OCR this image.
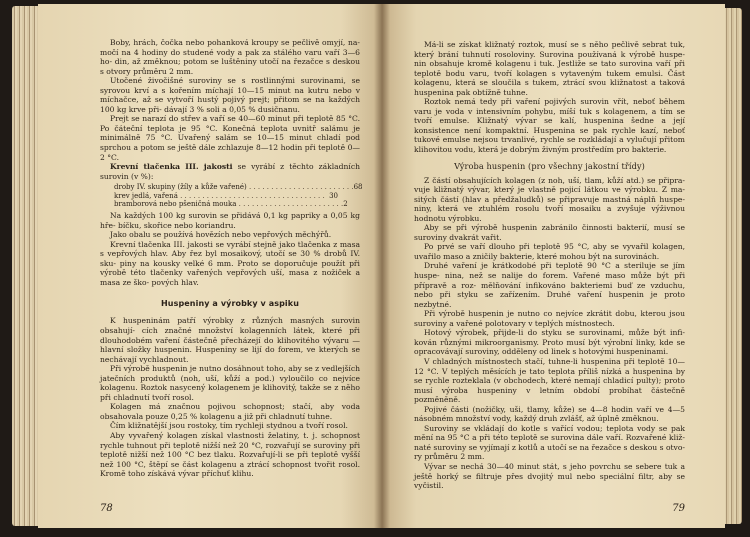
Boby, hrách, čočka nebo pohanková kroupy se pečlivě omyjí, na- močí na 4 hodiny do studené vody a pak za stálého varu vaří 3—6 ho- din, až změknou; potom se luštěniny utočí na řezačce s deskou s otvory průměru 2 mm.

Utočené živočišné suroviny se s rostlinnými surovinami, se syrovou krví a s kořením míchají 10—15 minut na kutru nebo v míchačce, až se vytvoří hustý pojivý prejt; přitom se na každých 100 kg krve při- dávají 3 % soli a 0,05 % dusičnanu.

Prejt se narazí do střev a vaří se 40—60 minut při teplotě 85 °C. Po čáteční teplota je 95 °C. Konečná teplota uvnitř salámu je minimálně 75 °C. Uvařený salám se 10—15 minut chladí pod sprchou a potom se ještě dále zchlazuje 8—12 hodin při teplotě 0—2 °C.

Krevní tlačenka III. jakosti se vyrábí z těchto základních surovin (v %):

droby IV. skupiny (žíly a kůže vařené) . . . . . . . . . . . . . . . . . . . . . . . . 68
krev jedlá, vařená . . . . . . . . . . . . . . . . . . . . . . . . . . . . . . . . . 30
bramborová nebo pšeničná mouka . . . . . . . . . . . . . . . . . . . . . . . . 2

Na každých 100 kg surovin se přidává 0,1 kg papriky a 0,05 kg hře- bíčku, skořice nebo koriandru.

Jako obalu se používá hovězích nebo vepřových měchýřů.

Krevní tlačenka III. jakosti se vyrábí stejně jako tlačenka z masa s vepřových hlav. Aby řez byl mosaikový, utočí se 30 % drobů IV. sku- piny na kousky velké 6 mm. Proto se doporučuje použít při výrobě této tlačenky vařených vepřových uší, masa z nožiček a masa ze ško- pových hlav.

Huspeniny a výrobky v aspiku

K huspeninám patří výrobky z různých masných surovin obsahují- cích značné množství kolagenních látek, které při dlouhodobém vaření částečně přecházejí do klihovitého vývaru — hlavní složky huspenin. Huspeniny se lijí do forem, ve kterých se nechávají vychladnout.

Při výrobě huspenin je nutno dosáhnout toho, aby se z vedlejších jatečních produktů (noh, uší, kůží a pod.) vyloučilo co nejvíce kolagenu. Roztok nasycený kolagenem je klihovitý, takže se z něho při chladnutí tvoří rosol.

Kolagen má značnou pojivou schopnost; stačí, aby voda obsahovala pouze 0,25 % kolagenu a již při chladnutí tuhne.

Čím kližnatější jsou rostoky, tím rychleji stydnou a tvoří rosol.

Aby vyvařený kolagen získal vlastnosti želatiny, t. j. schopnost rychle tuhnout při teplotě nižší než 20 °C, rozvařují se suroviny při teplotě nižší než 100 °C bez tlaku. Rozvařují-li se při teplotě vyšší než 100 °C, štěpí se část kolagenu a ztrácí schopnost tvořit rosol. Kromě toho získává vývar příchuť klihu.

78

Má-li se získat kližnatý roztok, musí se s něho pečlivě sebrat tuk, který brání tuhnutí rosoloviny. Surovina používaná k výrobě huspe- nin obsahuje kromě kolagenu i tuk. Jestliže se tato surovina vaří při teplotě bodu varu, tvoří kolagen s vytaveným tukem emulsi. Část kolagenu, která se sloučila s tukem, ztrácí svou kližnatost a taková huspenina pak obtížně tuhne.

Roztok nemá tedy při vaření pojivých surovin vřít, neboť během varu je voda v intensivním pohybu, míší tuk s kolagenem, a tím se tvoří emulse. Kližnatý vývar se kalí, huspenina šedne a její konsistence není kompaktní. Huspenina se pak rychle kazí, neboť tukové emulse nejsou trvanlivé, rychle se rozkládají a vylučují přitom klihovitou vodu, která je dobrým živným prostředím pro bakterie.

Výroba huspenin (pro všechny jakostní třídy)

Z částí obsahujících kolagen (z noh, uší, tlam, kůží atd.) se připra- vuje kližnatý vývar, který je vlastně pojicí látkou ve výrobku. Z ma- sitých částí (hlav a předžaludků) se připravuje mastná náplň huspe- niny, která ve ztuhlém rosolu tvoří mosaiku a zvyšuje výživnou hodnotu výrobku.

Aby se při výrobě huspenin zabránilo činnosti bakterií, musí se suroviny dvakrát vařit.

Po prvé se vaří dlouho při teplotě 95 °C, aby se vyvařil kolagen, uvařilo maso a zničily bakterie, které mohou být na surovinách.

Druhé vaření je krátkodobé při teplotě 90 °C a steriluje se jím huspe- nina, než se nalije do forem. Vařené maso může být při přípravě a roz- mělňování infikováno bakteriemi buď ze vzduchu, nebo při styku se zařízením. Druhé vaření huspenin je proto nezbytné.

Při výrobě huspenin je nutno co nejvíce zkrátit dobu, kterou jsou suroviny a vařené polotovary v teplých místnostech.

Hotový výrobek, přijde-li do styku se surovinami, může být infi- kován různými mikroorganismy. Proto musí být výrobní linky, kde se opracovávají suroviny, odděleny od linek s hotovými huspeninami.

V chladných místnostech stačí, tuhne-li huspenina při teplotě 10—12 °C. V teplých měsících je tato teplota příliš nízká a huspenina by se rychle rozteklala (v obchodech, které nemají chladicí pulty); proto musí výroba huspeniny v letním období probíhat částečně pozměněně.

Pojivé části (nožičky, uši, tlamy, kůže) se 4—8 hodin vaří ve 4—5 násobném množství vody, každý druh zvlášť, až úplně změknou.

Suroviny se vkládají do kotle s vařící vodou; teplota vody se pak mění na 95 °C a při této teplotě se surovina dále vaří. Rozvařené kliž- naté suroviny se vyjímají z kotlů a utočí se na řezačce s deskou s otvo- ry průměru 2 mm.

Vývar se nechá 30—40 minut stát, s jeho povrchu se sebere tuk a ještě horký se filtruje přes dvojitý mul nebo speciální filtr, aby se vyčistil.

79
